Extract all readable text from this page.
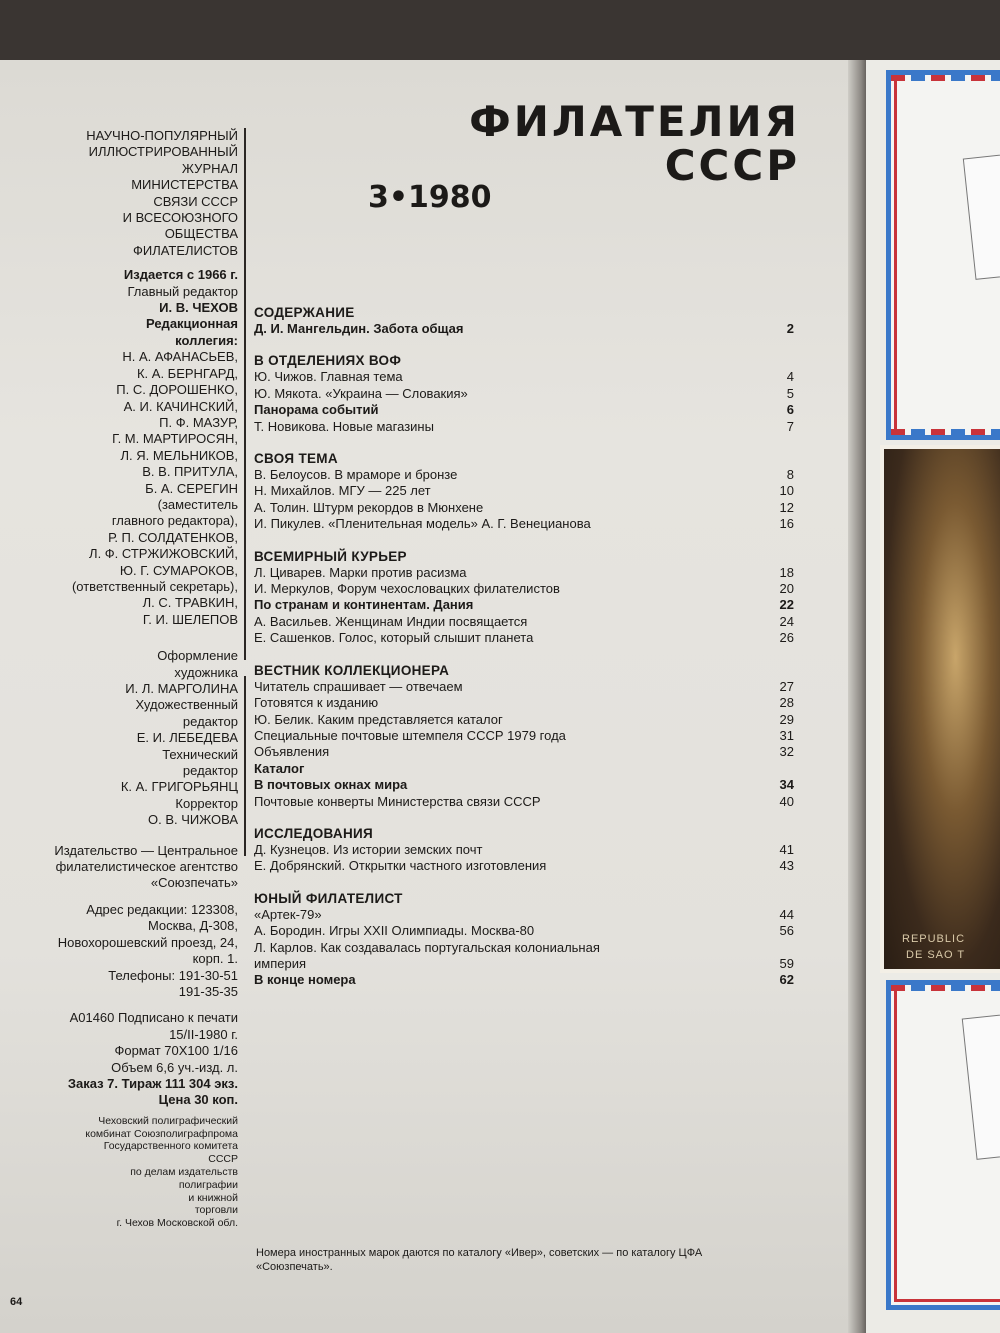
REPUBLIC
DE SAO T
ФИЛАТЕЛИЯ
СССР
3•1980
НАУЧНО-ПОПУЛЯРНЫЙ
ИЛЛЮСТРИРОВАННЫЙ
ЖУРНАЛ
МИНИСТЕРСТВА
СВЯЗИ СССР
И ВСЕСОЮЗНОГО
ОБЩЕСТВА
ФИЛАТЕЛИСТОВ
Издается с 1966 г.
Главный редактор
И. В. ЧЕХОВ
Редакционная
коллегия:
Н. А. АФАНАСЬЕВ,
К. А. БЕРНГАРД,
П. С. ДОРОШЕНКО,
А. И. КАЧИНСКИЙ,
П. Ф. МАЗУР,
Г. М. МАРТИРОСЯН,
Л. Я. МЕЛЬНИКОВ,
В. В. ПРИТУЛА,
Б. А. СЕРЕГИН
(заместитель
главного редактора),
Р. П. СОЛДАТЕНКОВ,
Л. Ф. СТРЖИЖОВСКИЙ,
Ю. Г. СУМАРОКОВ,
(ответственный секретарь),
Л. С. ТРАВКИН,
Г. И. ШЕЛЕПОВ
Оформление
художника
И. Л. МАРГОЛИНА
Художественный
редактор
Е. И. ЛЕБЕДЕВА
Технический
редактор
К. А. ГРИГОРЬЯНЦ
Корректор
О. В. ЧИЖОВА
Издательство — Центральное
филателистическое агентство
«Союзпечать»
Адрес редакции: 123308,
Москва, Д-308,
Новохорошевский проезд, 24,
корп. 1.
Телефоны: 191-30-51
191-35-35
А01460 Подписано к печати
15/II-1980 г.
Формат 70Х100 1/16
Объем 6,6 уч.-изд. л.
Заказ 7. Тираж 111 304 экз.
Цена 30 коп.
Чеховский полиграфический
комбинат Союзполиграфпрома
Государственного комитета
СССР
по делам издательств
полиграфии
и книжной
торговли
г. Чехов Московской обл.
СОДЕРЖАНИЕ
Д. И. Мангельдин. Забота общая	2
В ОТДЕЛЕНИЯХ ВОФ
Ю. Чижов. Главная тема	4
Ю. Мякота. «Украина — Словакия»	5
Панорама событий	6
Т. Новикова. Новые магазины	7
СВОЯ ТЕМА
В. Белоусов. В мраморе и бронзе	8
Н. Михайлов. МГУ — 225 лет	10
А. Толин. Штурм рекордов в Мюнхене	12
И. Пикулев. «Пленительная модель» А. Г. Венецианова	16
ВСЕМИРНЫЙ КУРЬЕР
Л. Циварев. Марки против расизма	18
И. Меркулов, Форум чехословацких филателистов	20
По странам и континентам. Дания	22
А. Васильев. Женщинам Индии посвящается	24
Е. Сашенков. Голос, который слышит планета	26
ВЕСТНИК КОЛЛЕКЦИОНЕРА
Читатель спрашивает — отвечаем	27
Готовятся к изданию	28
Ю. Белик. Каким представляется каталог	29
Специальные почтовые штемпеля СССР 1979 года	31
Объявления	32
Каталог
В почтовых окнах мира	34
Почтовые конверты Министерства связи СССР	40
ИССЛЕДОВАНИЯ
Д. Кузнецов. Из истории земских почт	41
Е. Добрянский. Открытки частного изготовления	43
ЮНЫЙ ФИЛАТЕЛИСТ
«Артек-79»	44
А. Бородин. Игры XXII Олимпиады. Москва-80	56
Л. Карлов. Как создавалась португальская колониальная
империя	59
В конце номера	62
Номера иностранных марок даются по каталогу «Ивер», советских — по каталогу ЦФА «Союзпечать».
64
